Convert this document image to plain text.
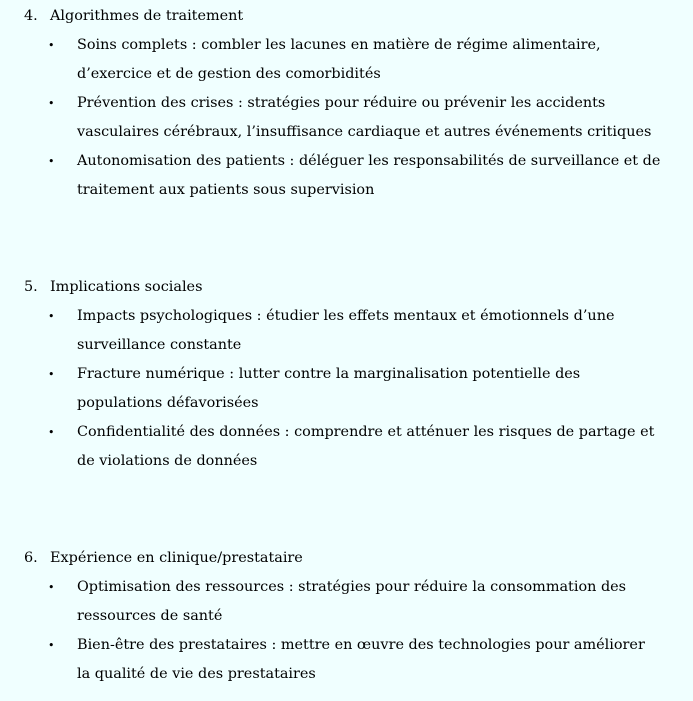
4. Algorithmes de traitement
• Soins complets : combler les lacunes en matière de régime alimentaire, d’exercice et de gestion des comorbidités
• Prévention des crises : stratégies pour réduire ou prévenir les accidents vasculaires cérébraux, l’insuffisance cardiaque et autres événements critiques
• Autonomisation des patients : déléguer les responsabilités de surveillance et de traitement aux patients sous supervision
5. Implications sociales
• Impacts psychologiques : étudier les effets mentaux et émotionnels d’une surveillance constante
• Fracture numérique : lutter contre la marginalisation potentielle des populations défavorisées
• Confidentialité des données : comprendre et atténuer les risques de partage et de violations de données
6. Expérience en clinique/prestataire
• Optimisation des ressources : stratégies pour réduire la consommation des ressources de santé
• Bien-être des prestataires : mettre en œuvre des technologies pour améliorer la qualité de vie des prestataires
